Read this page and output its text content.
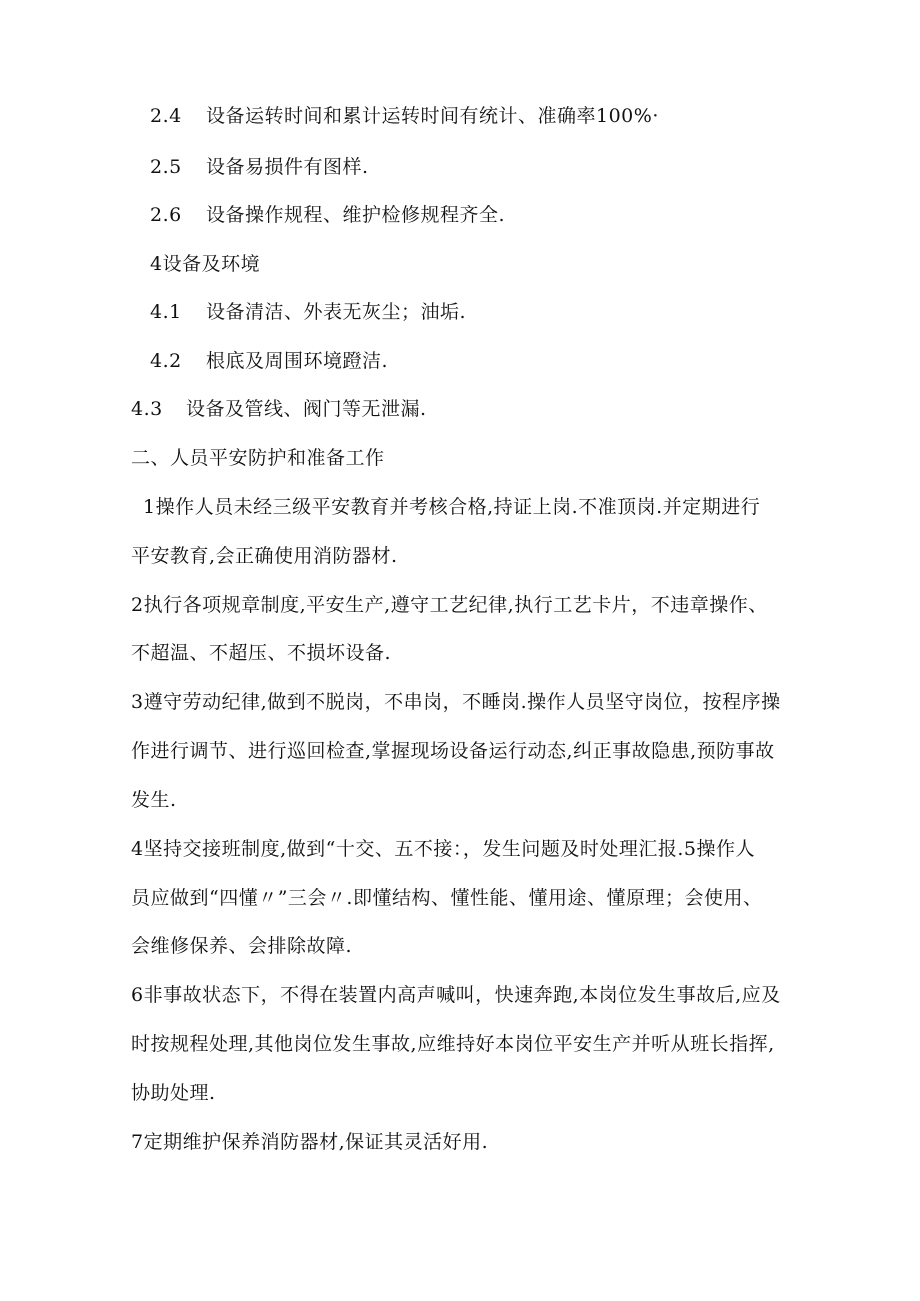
2.4 设备运转时间和累计运转时间有统计、准确率100%·
2.5 设备易损件有图样.
2.6 设备操作规程、维护检修规程齐全.
4设备及环境
4.1 设备清洁、外表无灰尘；油垢.
4.2 根底及周围环境蹬洁.
4.3 设备及管线、阀门等无泄漏.
二、人员平安防护和准备工作
1操作人员未经三级平安教育并考核合格,持证上岗.不准顶岗.并定期进行
平安教育,会正确使用消防器材.
2执行各项规章制度,平安生产,遵守工艺纪律,执行工艺卡片，不违章操作、
不超温、不超压、不损坏设备.
3遵守劳动纪律,做到不脱岗，不串岗，不睡岗.操作人员坚守岗位，按程序操
作进行调节、进行巡回检查,掌握现场设备运行动态,纠正事故隐患,预防事故
发生.
4坚持交接班制度,做到“十交、五不接：，发生问题及时处理汇报.5操作人
员应做到“四懂〃”三会〃.即懂结构、懂性能、懂用途、懂原理；会使用、
会维修保养、会排除故障.
6非事故状态下，不得在装置内高声喊叫，快速奔跑,本岗位发生事故后,应及
时按规程处理,其他岗位发生事故,应维持好本岗位平安生产并听从班长指挥,
协助处理.
7定期维护保养消防器材,保证其灵活好用.
